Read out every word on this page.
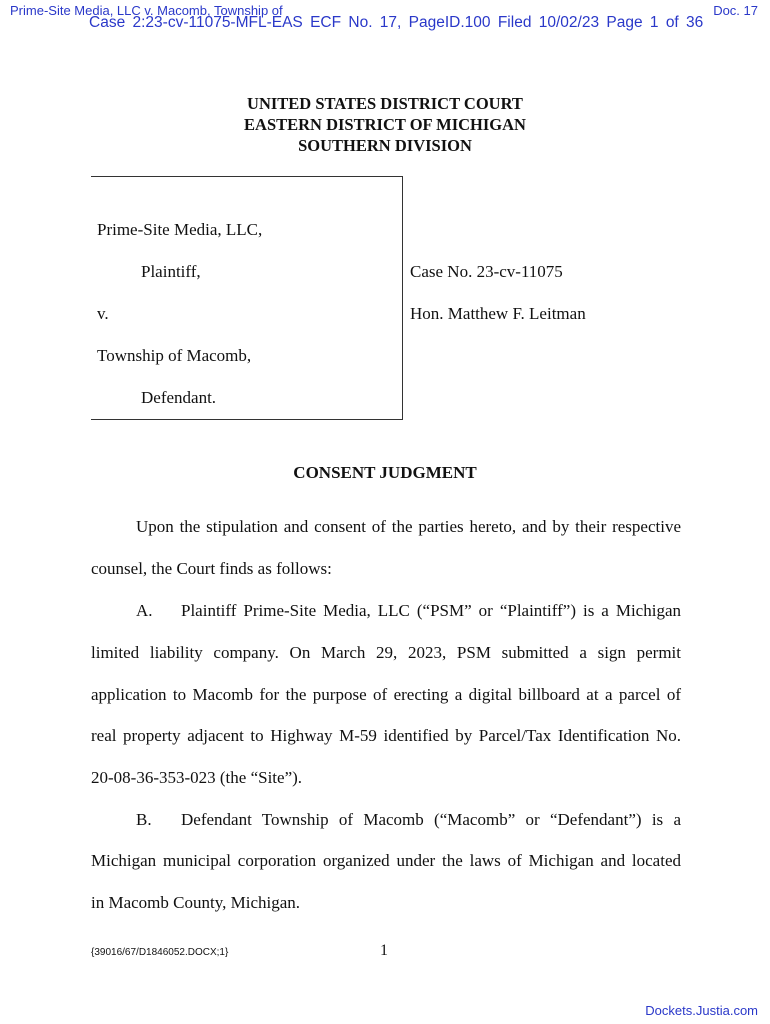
Prime-Site Media, LLC v. Macomb, Township of	Doc. 17
Case 2:23-cv-11075-MFL-EAS ECF No. 17, PageID.100 Filed 10/02/23 Page 1 of 36
UNITED STATES DISTRICT COURT
EASTERN DISTRICT OF MICHIGAN
SOUTHERN DIVISION
Prime-Site Media, LLC,
Plaintiff,
v.
Township of Macomb,
Defendant.
Case No. 23-cv-11075
Hon. Matthew F. Leitman
CONSENT JUDGMENT
Upon the stipulation and consent of the parties hereto, and by their respective
counsel, the Court finds as follows:
A.	Plaintiff Prime-Site Media, LLC (“PSM” or “Plaintiff”) is a Michigan
limited liability company. On March 29, 2023, PSM submitted a sign permit
application to Macomb for the purpose of erecting a digital billboard at a parcel of
real property adjacent to Highway M-59 identified by Parcel/Tax Identification No.
20-08-36-353-023 (the “Site”).
B.	Defendant Township of Macomb (“Macomb” or “Defendant”) is a
Michigan municipal corporation organized under the laws of Michigan and located
in Macomb County, Michigan.
{39016/67/D1846052.DOCX;1}	1
Dockets.Justia.com
